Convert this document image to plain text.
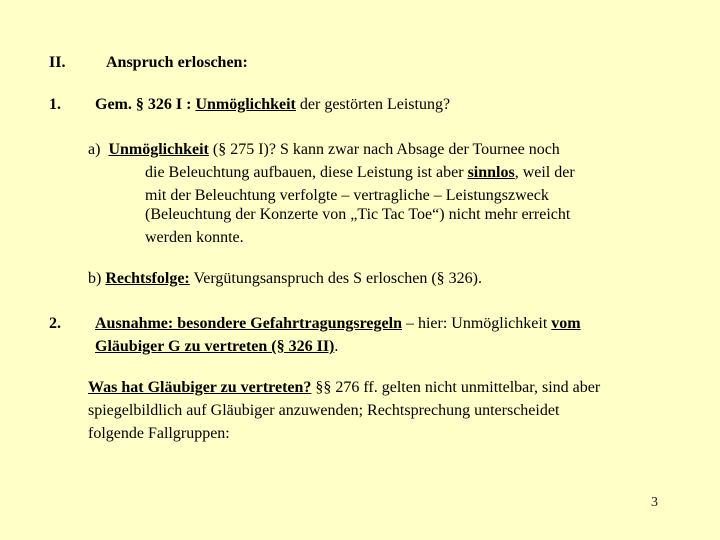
II.	Anspruch erloschen:
1. Gem. § 326 I : Unmöglichkeit der gestörten Leistung?
a) Unmöglichkeit (§ 275 I)? S kann zwar nach Absage der Tournee noch
die Beleuchtung aufbauen, diese Leistung ist aber sinnlos, weil der
mit der Beleuchtung verfolgte – vertragliche – Leistungszweck
(Beleuchtung der Konzerte von „Tic Tac Toe“) nicht mehr erreicht
werden konnte.
b) Rechtsfolge: Vergütungsanspruch des S erloschen (§ 326).
2. Ausnahme: besondere Gefahrtragungsregeln – hier: Unmöglichkeit vom
Gläubiger G zu vertreten (§ 326 II).
Was hat Gläubiger zu vertreten? §§ 276 ff. gelten nicht unmittelbar, sind aber
spiegelbildlich auf Gläubiger anzuwenden; Rechtsprechung unterscheidet
folgende Fallgruppen:
3
